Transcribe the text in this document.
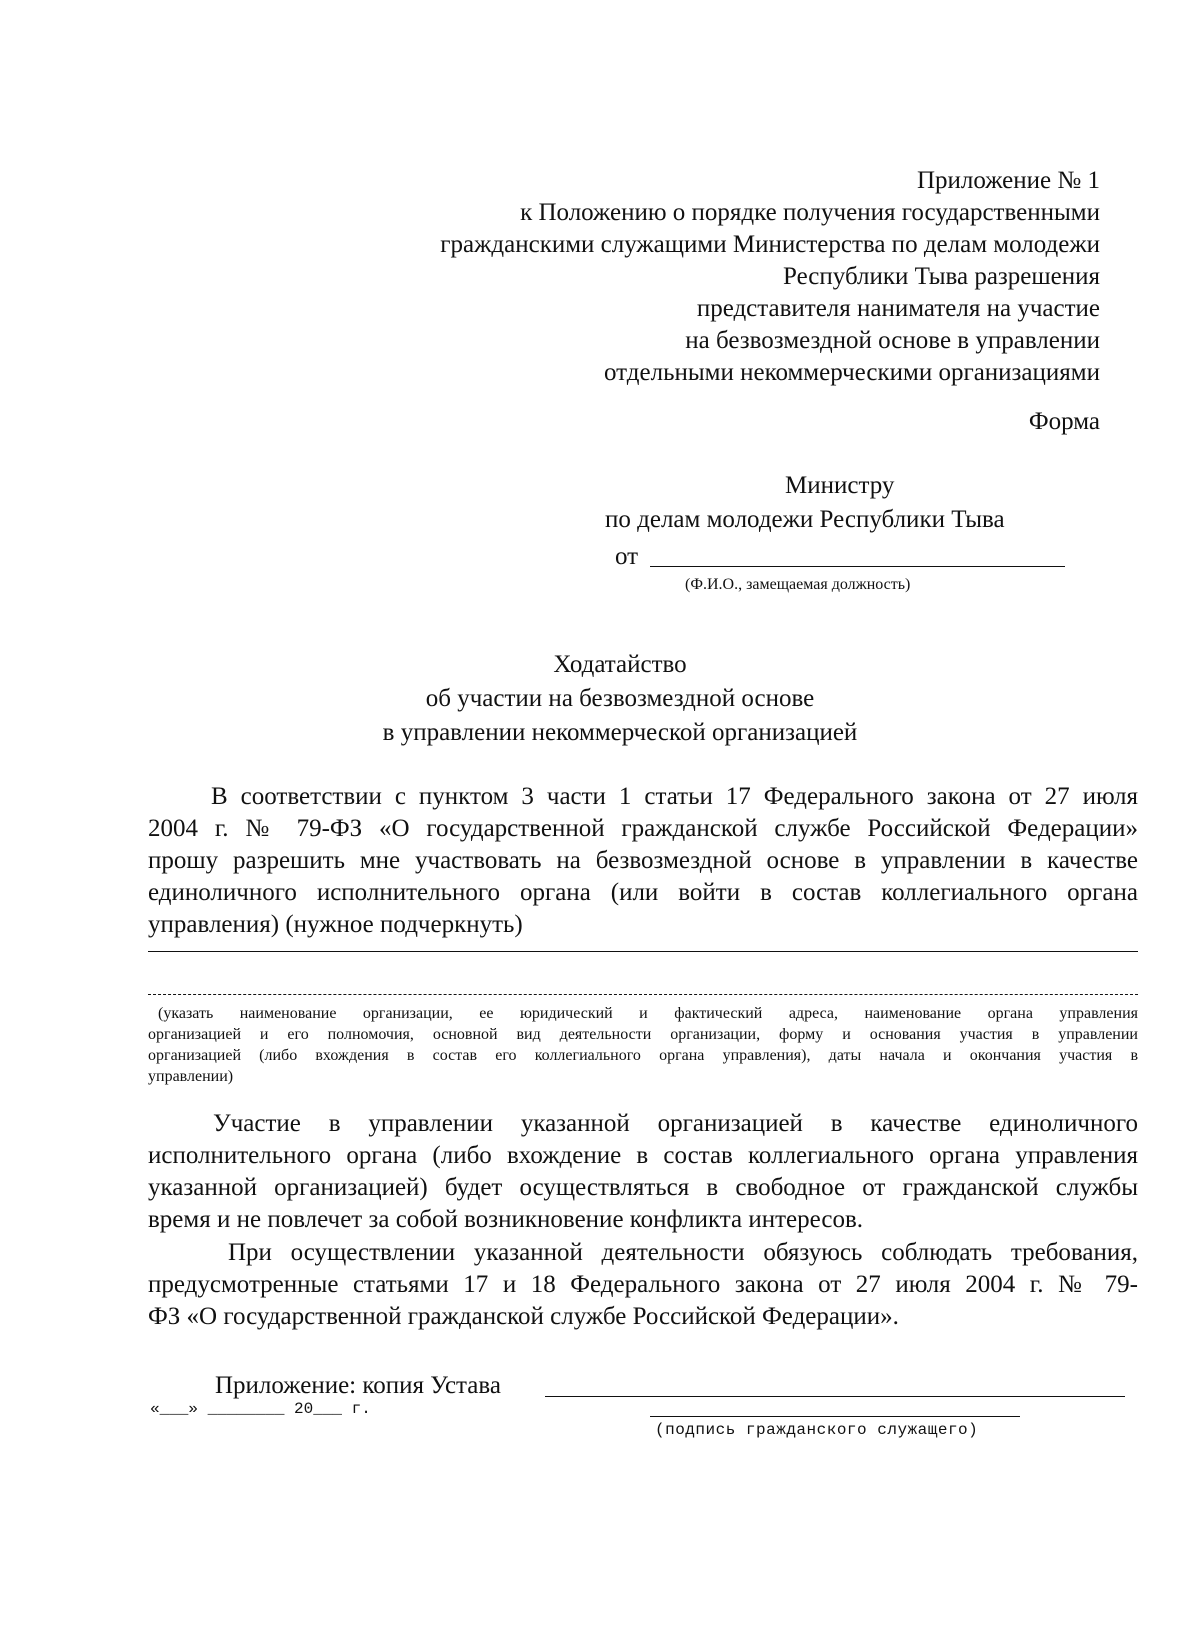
Приложение № 1
к Положению о порядке получения государственными
гражданскими служащими Министерства по делам молодежи
Республики Тыва разрешения
представителя нанимателя на участие
на безвозмездной основе в управлении
отдельными некоммерческими организациями
Форма
Министру
по делам молодежи Республики Тыва
от
(Ф.И.О., замещаемая должность)
Ходатайство
об участии на безвозмездной основе
в управлении некоммерческой организацией
В соответствии с пунктом 3 части 1 статьи 17 Федерального закона от 27 июля
2004 г. № 79-ФЗ «О государственной гражданской службе Российской Федерации»
прошу разрешить мне участвовать на безвозмездной основе в управлении в качестве
единоличного исполнительного органа (или войти в состав коллегиального органа
управления) (нужное подчеркнуть)
(указать наименование организации, ее юридический и фактический адреса, наименование органа управления
организацией и его полномочия, основной вид деятельности организации, форму и основания участия в управлении
организацией (либо вхождения в состав его коллегиального органа управления), даты начала и окончания участия в
управлении)
Участие в управлении указанной организацией в качестве единоличного
исполнительного органа (либо вхождение в состав коллегиального органа управления
указанной организацией) будет осуществляться в свободное от гражданской службы
время и не повлечет за собой возникновение конфликта интересов.
При осуществлении указанной деятельности обязуюсь соблюдать требования,
предусмотренные статьями 17 и 18 Федерального закона от 27 июля 2004 г. № 79-
ФЗ «О государственной гражданской службе Российской Федерации».
Приложение: копия Устава
«___» ________ 20___ г.
(подпись гражданского служащего)
